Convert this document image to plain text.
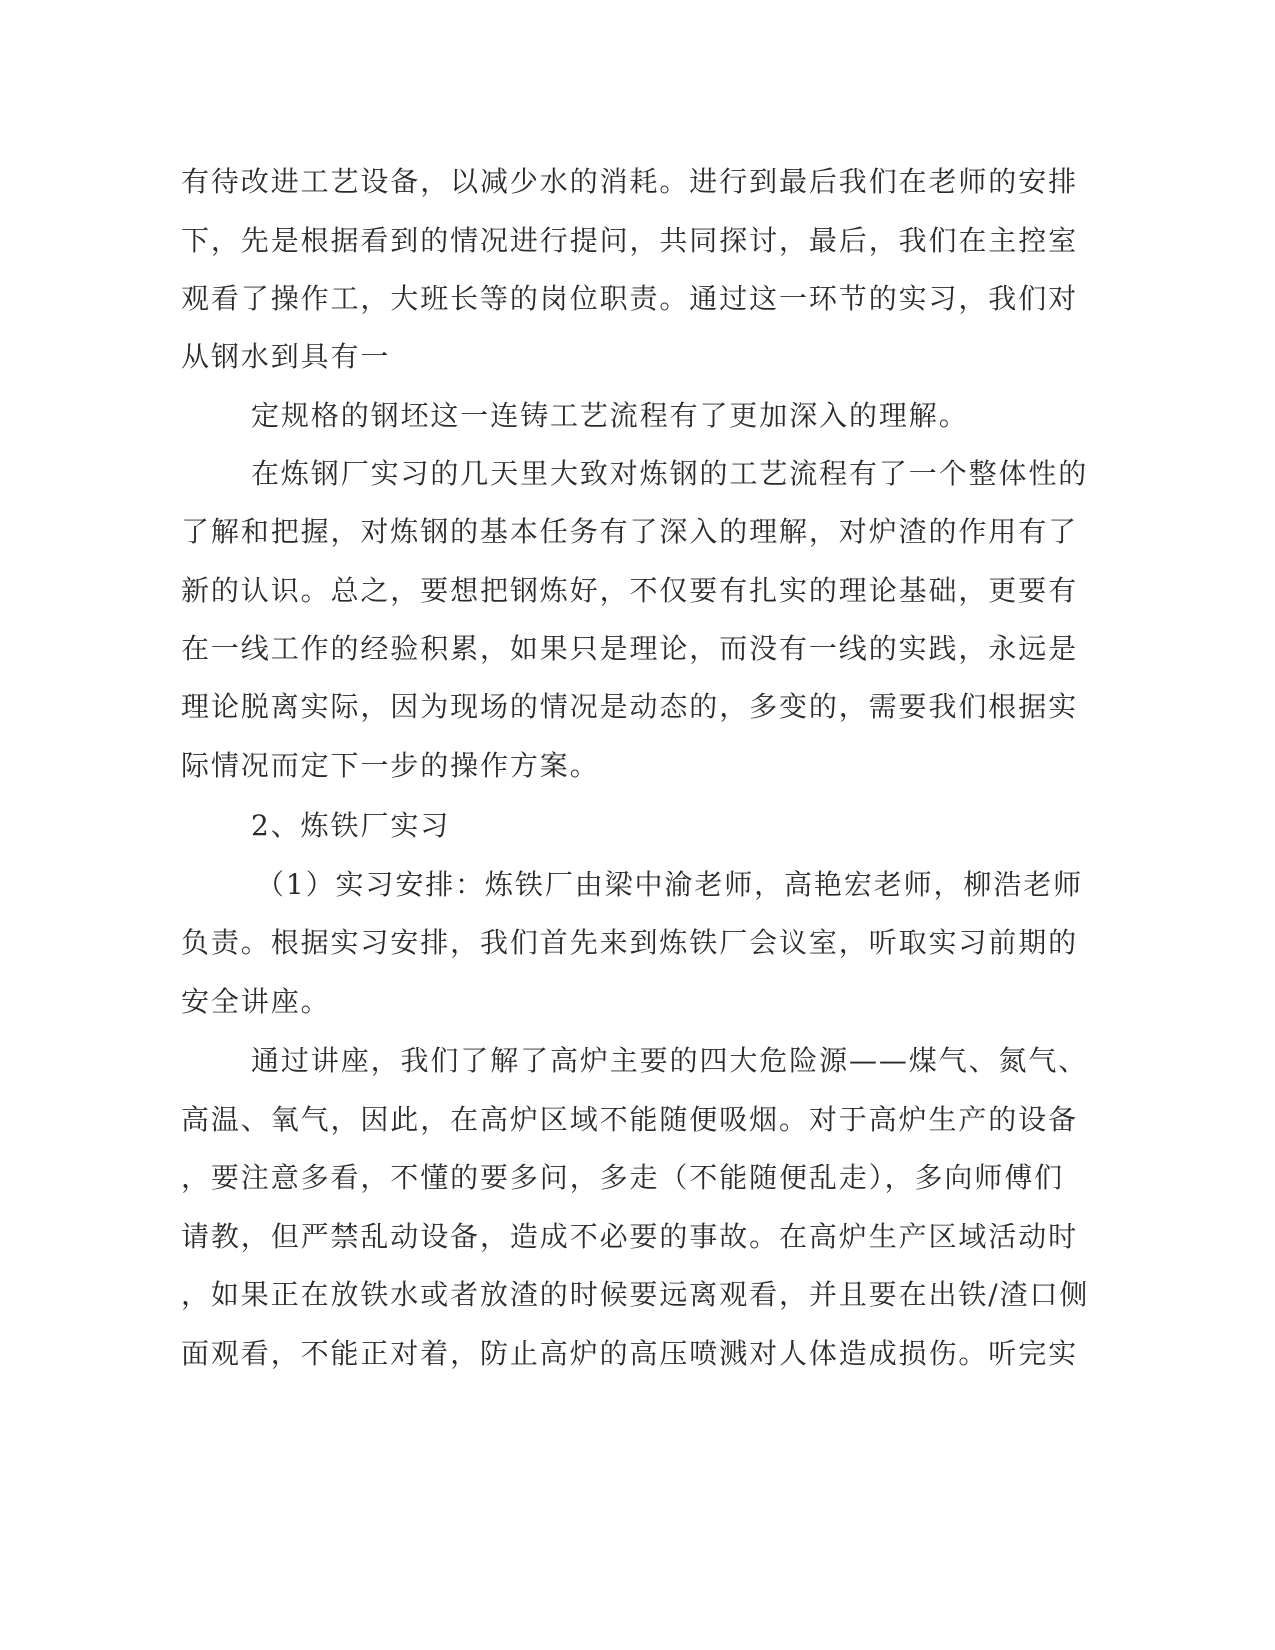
有待改进工艺设备，以减少水的消耗。进行到最后我们在老师的安排
下，先是根据看到的情况进行提问，共同探讨，最后，我们在主控室
观看了操作工，大班长等的岗位职责。通过这一环节的实习，我们对
从钢水到具有一
定规格的钢坯这一连铸工艺流程有了更加深入的理解。
在炼钢厂实习的几天里大致对炼钢的工艺流程有了一个整体性的
了解和把握，对炼钢的基本任务有了深入的理解，对炉渣的作用有了
新的认识。总之，要想把钢炼好，不仅要有扎实的理论基础，更要有
在一线工作的经验积累，如果只是理论，而没有一线的实践，永远是
理论脱离实际，因为现场的情况是动态的，多变的，需要我们根据实
际情况而定下一步的操作方案。
2、炼铁厂实习
（1）实习安排：炼铁厂由梁中渝老师，高艳宏老师，柳浩老师
负责。根据实习安排，我们首先来到炼铁厂会议室，听取实习前期的
安全讲座。
通过讲座，我们了解了高炉主要的四大危险源——煤气、氮气、
高温、氧气，因此，在高炉区域不能随便吸烟。对于高炉生产的设备
，要注意多看，不懂的要多问，多走（不能随便乱走），多向师傅们
请教，但严禁乱动设备，造成不必要的事故。在高炉生产区域活动时
，如果正在放铁水或者放渣的时候要远离观看，并且要在出铁/渣口侧
面观看，不能正对着，防止高炉的高压喷溅对人体造成损伤。听完实
